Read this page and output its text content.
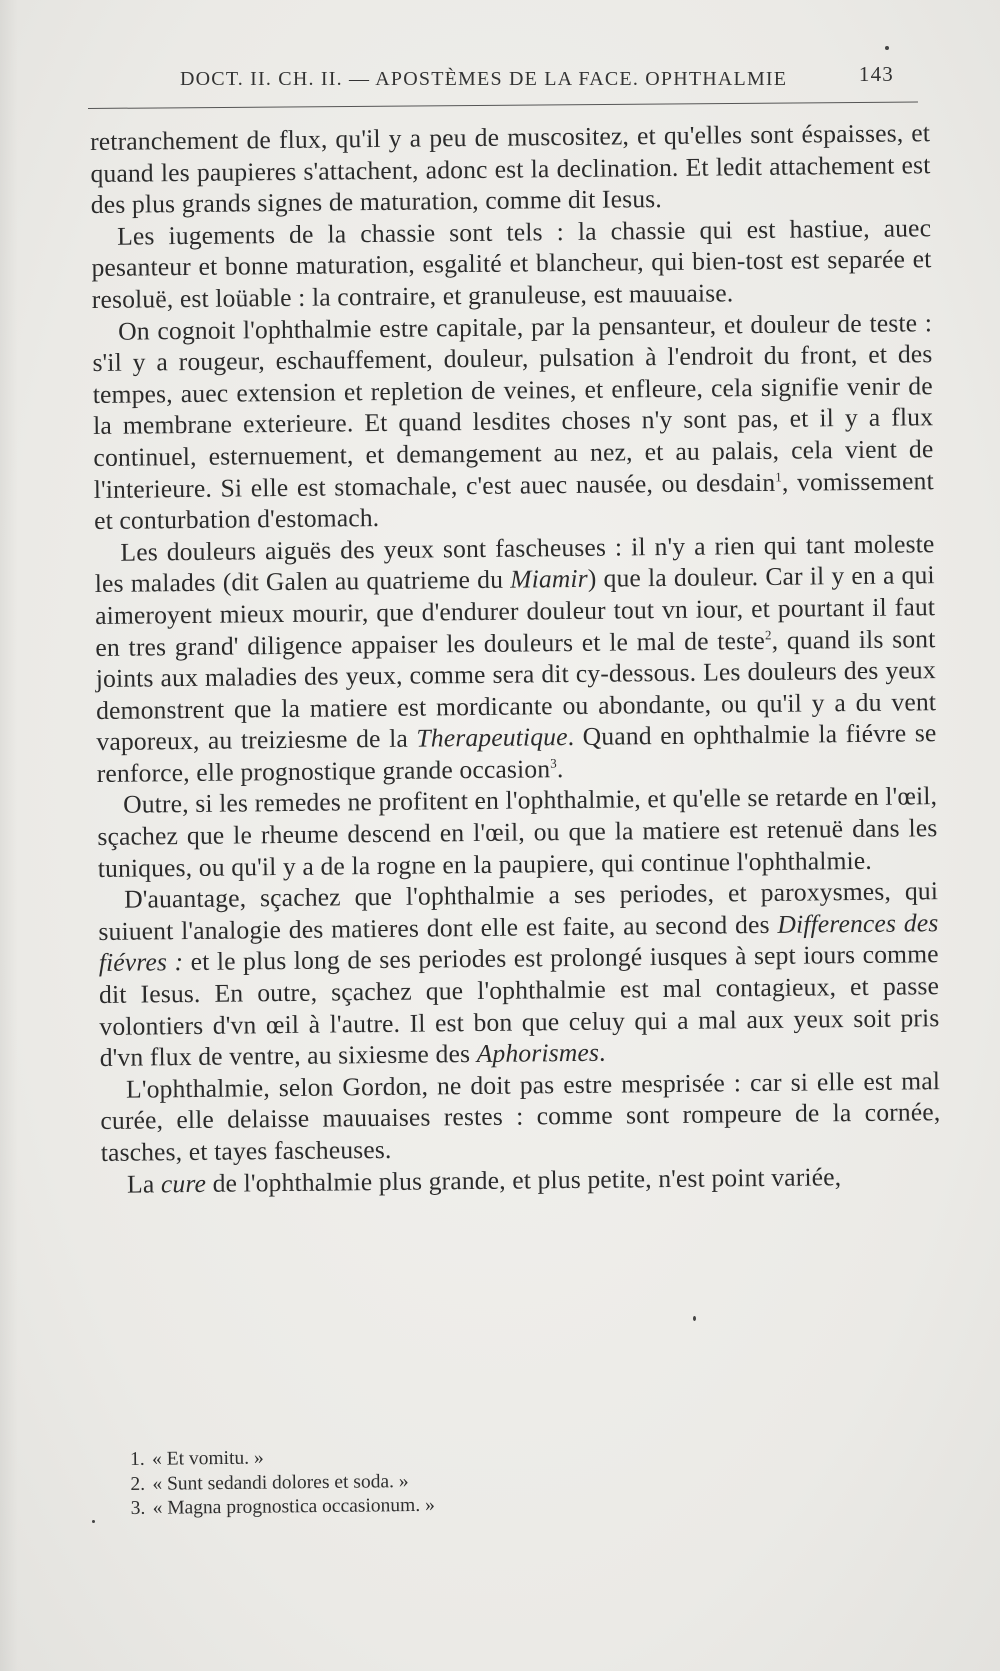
DOCT. II. CH. II. — APOSTÈMES DE LA FACE. OPHTHALMIE	143

retranchement de flux, qu'il y a peu de muscositez, et qu'elles sont éspaisses, et quand les paupieres s'attachent, adonc est la declination. Et ledit attachement est des plus grands signes de maturation, comme dit Iesus.

Les iugements de la chassie sont tels : la chassie qui est hastiue, auec pesanteur et bonne maturation, esgalité et blancheur, qui bien-tost est separée et resoluë, est loüable : la contraire, et granuleuse, est mauuaise.

On cognoit l'ophthalmie estre capitale, par la pensanteur, et douleur de teste : s'il y a rougeur, eschauffement, douleur, pulsation à l'endroit du front, et des tempes, auec extension et repletion de veines, et enfleure, cela signifie venir de la membrane exterieure. Et quand lesdites choses n'y sont pas, et il y a flux continuel, esternuement, et demangement au nez, et au palais, cela vient de l'interieure. Si elle est stomachale, c'est auec nausée, ou desdain$^1$, vomissement et conturbation d'estomach.

Les douleurs aiguës des yeux sont fascheuses : il n'y a rien qui tant moleste les malades (dit Galen au quatrieme du Miamir) que la douleur. Car il y en a qui aimeroyent mieux mourir, que d'endurer douleur tout vn iour, et pourtant il faut en tres grand' diligence appaiser les douleurs et le mal de teste$^2$, quand ils sont joints aux maladies des yeux, comme sera dit cy-dessous. Les douleurs des yeux demonstrent que la matiere est mordicante ou abondante, ou qu'il y a du vent vaporeux, au treiziesme de la Therapeutique. Quand en ophthalmie la fiévre se renforce, elle prognostique grande occasion$^3$.

Outre, si les remedes ne profitent en l'ophthalmie, et qu'elle se retarde en l'œil, sçachez que le rheume descend en l'œil, ou que la matiere est retenuë dans les tuniques, ou qu'il y a de la rogne en la paupiere, qui continue l'ophthalmie.

D'auantage, sçachez que l'ophthalmie a ses periodes, et paroxysmes, qui suiuent l'analogie des matieres dont elle est faite, au second des Differences des fiévres : et le plus long de ses periodes est prolongé iusques à sept iours comme dit Iesus. En outre, sçachez que l'ophthalmie est mal contagieux, et passe volontiers d'vn œil à l'autre. Il est bon que celuy qui a mal aux yeux soit pris d'vn flux de ventre, au sixiesme des Aphorismes.

L'ophthalmie, selon Gordon, ne doit pas estre mesprisée : car si elle est mal curée, elle delaisse mauuaises restes : comme sont rompeure de la cornée, tasches, et tayes fascheuses.

La cure de l'ophthalmie plus grande, et plus petite, n'est point variée,

1. « Et vomitu. »
2. « Sunt sedandi dolores et soda. »
3. « Magna prognostica occasionum. »
